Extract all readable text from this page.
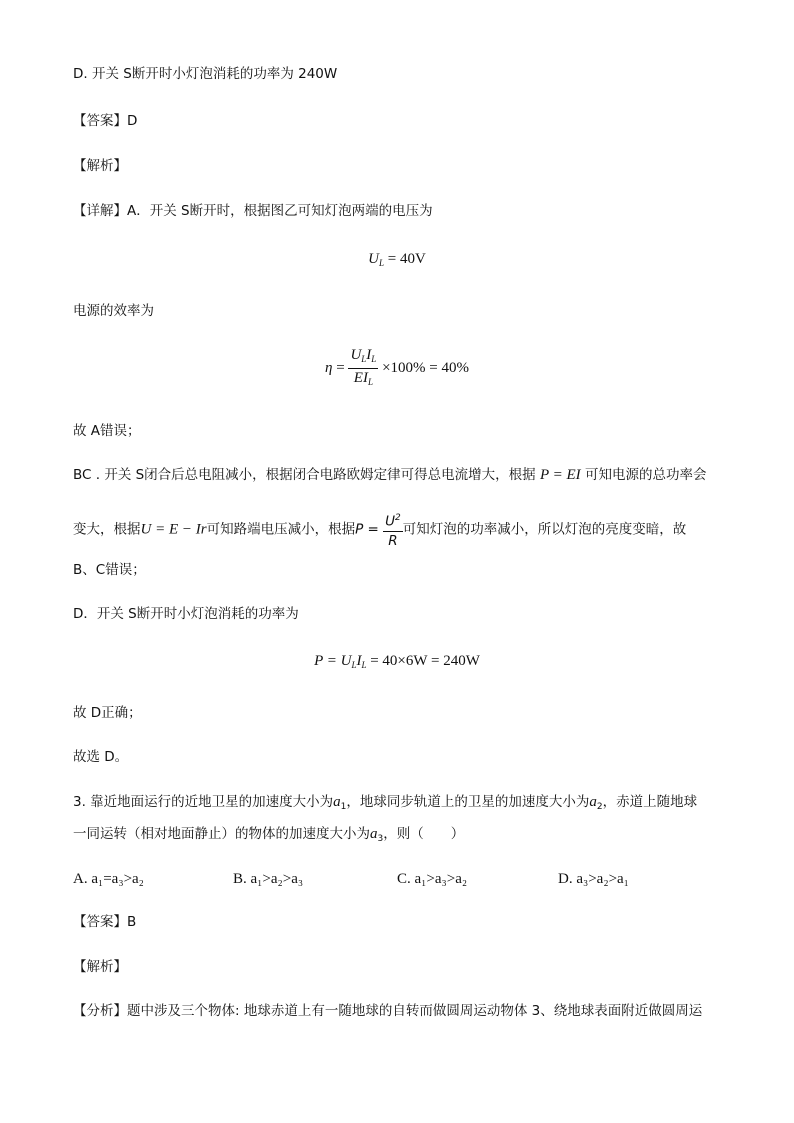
D. 开关 S断开时小灯泡消耗的功率为 240W
【答案】D
【解析】
【详解】A．开关 S断开时，根据图乙可知灯泡两端的电压为
$U_L = 40V$
电源的效率为
$\eta = \frac{U_LI_L}{EI_L} \times 100\% = 40\%$
故 A错误；
BC . 开关 S闭合后总电阻减小，根据闭合电路欧姆定律可得总电流增大，根据 P = EI 可知电源的总功率会
变大，根据U = E − Ir可知路端电压减小，根据$P = \frac{U^2}{R}$ 可知灯泡的功率减小，所以灯泡的亮度变暗，故
B、C错误；
D．开关 S断开时小灯泡消耗的功率为
$P = U_LI_L = 40\times 6W = 240W$
故 D正确；
故选 D。
3. 靠近地面运行的近地卫星的加速度大小为$a_1$，地球同步轨道上的卫星的加速度大小为$a_2$，赤道上随地球
一同运转（相对地面静止）的物体的加速度大小为$a_3$，则（　　）
A. a₁=a₃>a₂	B. a₁>a₂>a₃	C. a₁>a₃>a₂	D. a₃>a₂>a₁
【答案】B
【解析】
【分析】题中涉及三个物体: 地球赤道上有一随地球的自转而做圆周运动物体 3、绕地球表面附近做圆周运
